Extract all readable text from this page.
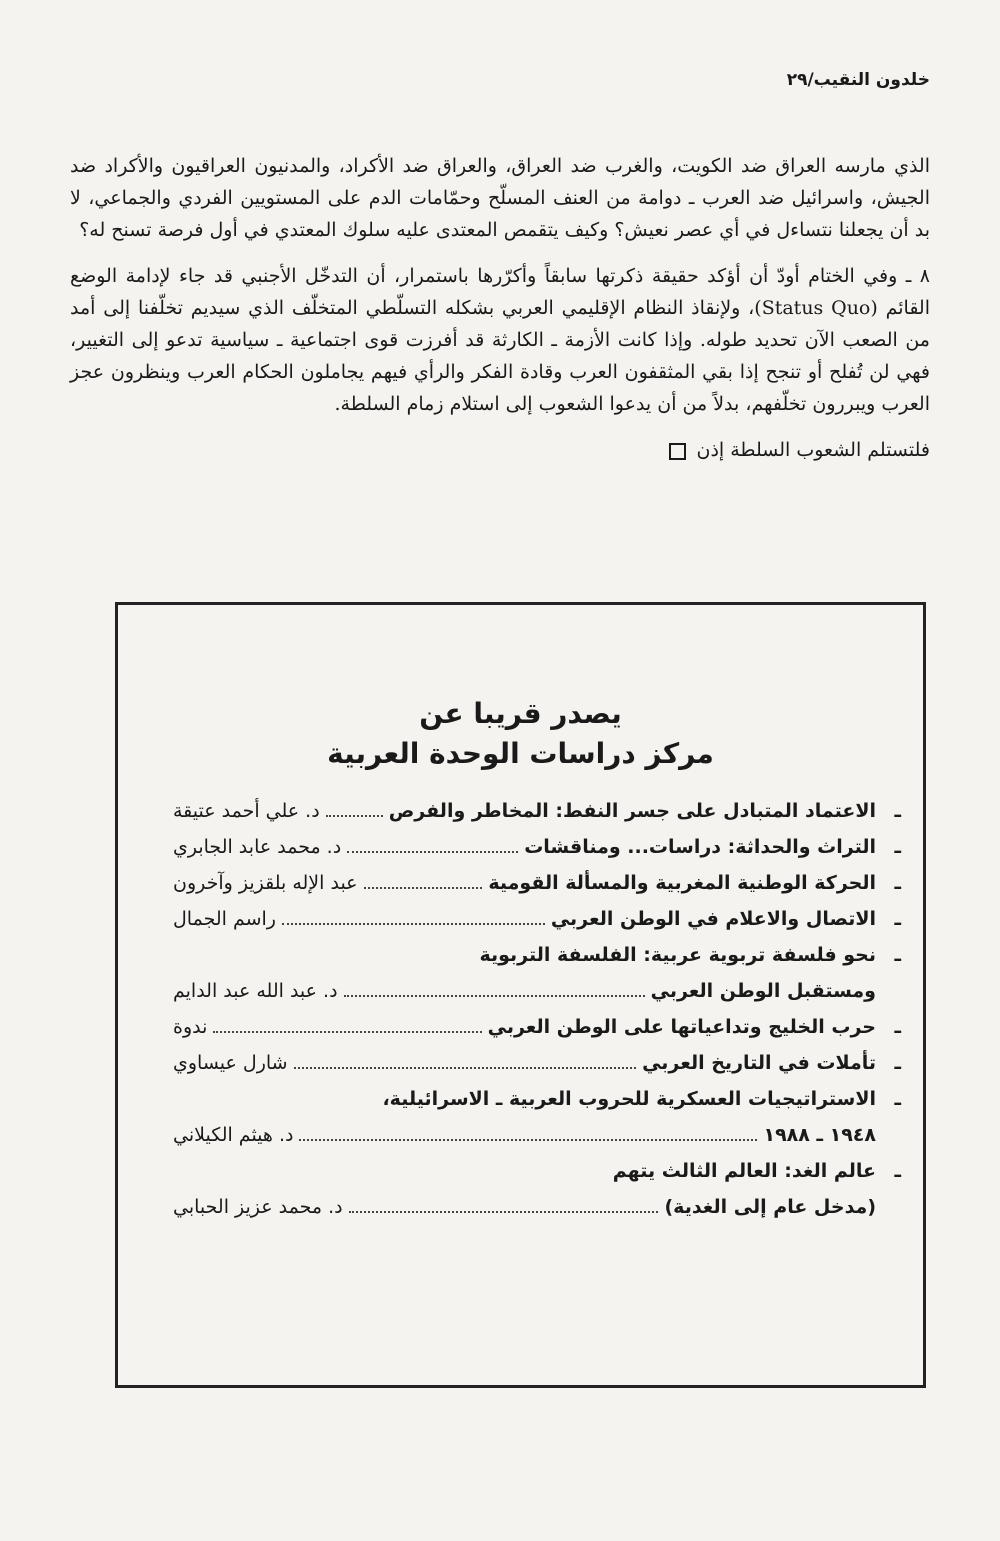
خلدون النقيب/٢٩

الذي مارسه العراق ضد الكويت، والغرب ضد العراق، والعراق ضد الأكراد، والمدنيون العراقيون والأكراد ضد الجيش، واسرائيل ضد العرب ـ دوامة من العنف المسلّح وحمّامات الدم على المستويين الفردي والجماعي، لا بد أن يجعلنا نتساءل في أي عصر نعيش؟ وكيف يتقمص المعتدى عليه سلوك المعتدي في أول فرصة تسنح له؟

٨ ـ وفي الختام أودّ أن أؤكد حقيقة ذكرتها سابقاً وأكرّرها باستمرار، أن التدخّل الأجنبي قد جاء لإدامة الوضع القائم (Status Quo)، ولإنقاذ النظام الإقليمي العربي بشكله التسلّطي المتخلّف الذي سيديم تخلّفنا إلى أمد من الصعب الآن تحديد طوله. وإذا كانت الأزمة ـ الكارثة قد أفرزت قوى اجتماعية ـ سياسية تدعو إلى التغيير، فهي لن تُفلح أو تنجح إذا بقي المثقفون العرب وقادة الفكر والرأي فيهم يجاملون الحكام العرب وينظرون عجز العرب ويبررون تخلّفهم، بدلاً من أن يدعوا الشعوب إلى استلام زمام السلطة.

فلتستلم الشعوب السلطة إذن

يصدر قريبا عن
مركز دراسات الوحدة العربية
ـ
الاعتماد المتبادل على جسر النفط: المخاطر والفرص
د. علي أحمد عتيقة
ـ
التراث والحداثة: دراسات... ومناقشات
د. محمد عابد الجابري
ـ
الحركة الوطنية المغربية والمسألة القومية
عبد الإله بلقزيز وآخرون
ـ
الاتصال والاعلام في الوطن العربي
راسم الجمال
ـ
نحو فلسفة تربوية عربية: الفلسفة التربوية
ومستقبل الوطن العربي
د. عبد الله عبد الدايم
ـ
حرب الخليج وتداعياتها على الوطن العربي
ندوة
ـ
تأملات في التاريخ العربي
شارل عيساوي
ـ
الاستراتيجيات العسكرية للحروب العربية ـ الاسرائيلية،
١٩٤٨ ـ ١٩٨٨
د. هيثم الكيلاني
ـ
عالم الغد: العالم الثالث يتهم
(مدخل عام إلى الغدية)
د. محمد عزيز الحبابي
